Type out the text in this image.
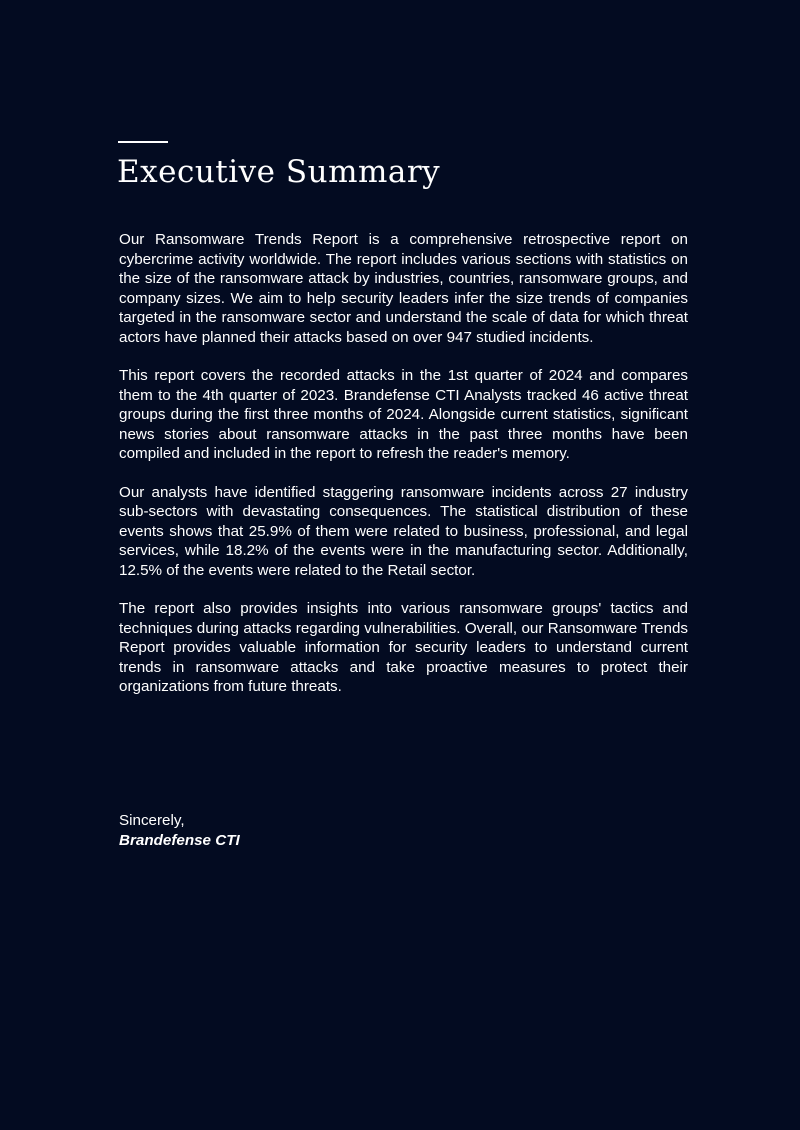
Executive Summary

Our Ransomware Trends Report is a comprehensive retrospective report on cybercrime activity worldwide. The report includes various sections with statistics on the size of the ransomware attack by industries, countries, ransomware groups, and company sizes. We aim to help security leaders infer the size trends of companies targeted in the ransomware sector and understand the scale of data for which threat actors have planned their attacks based on over 947 studied incidents.

This report covers the recorded attacks in the 1st quarter of 2024 and compares them to the 4th quarter of 2023. Brandefense CTI Analysts tracked 46 active threat groups during the first three months of 2024. Alongside current statistics, significant news stories about ransomware attacks in the past three months have been compiled and included in the report to refresh the reader's memory.

Our analysts have identified staggering ransomware incidents across 27 industry sub-sectors with devastating consequences. The statistical distribution of these events shows that 25.9% of them were related to business, professional, and legal services, while 18.2% of the events were in the manufacturing sector. Additionally, 12.5% of the events were related to the Retail sector.

The report also provides insights into various ransomware groups' tactics and techniques during attacks regarding vulnerabilities. Overall, our Ransomware Trends Report provides valuable information for security leaders to understand current trends in ransomware attacks and take proactive measures to protect their organizations from future threats.

Sincerely,
Brandefense CTI
